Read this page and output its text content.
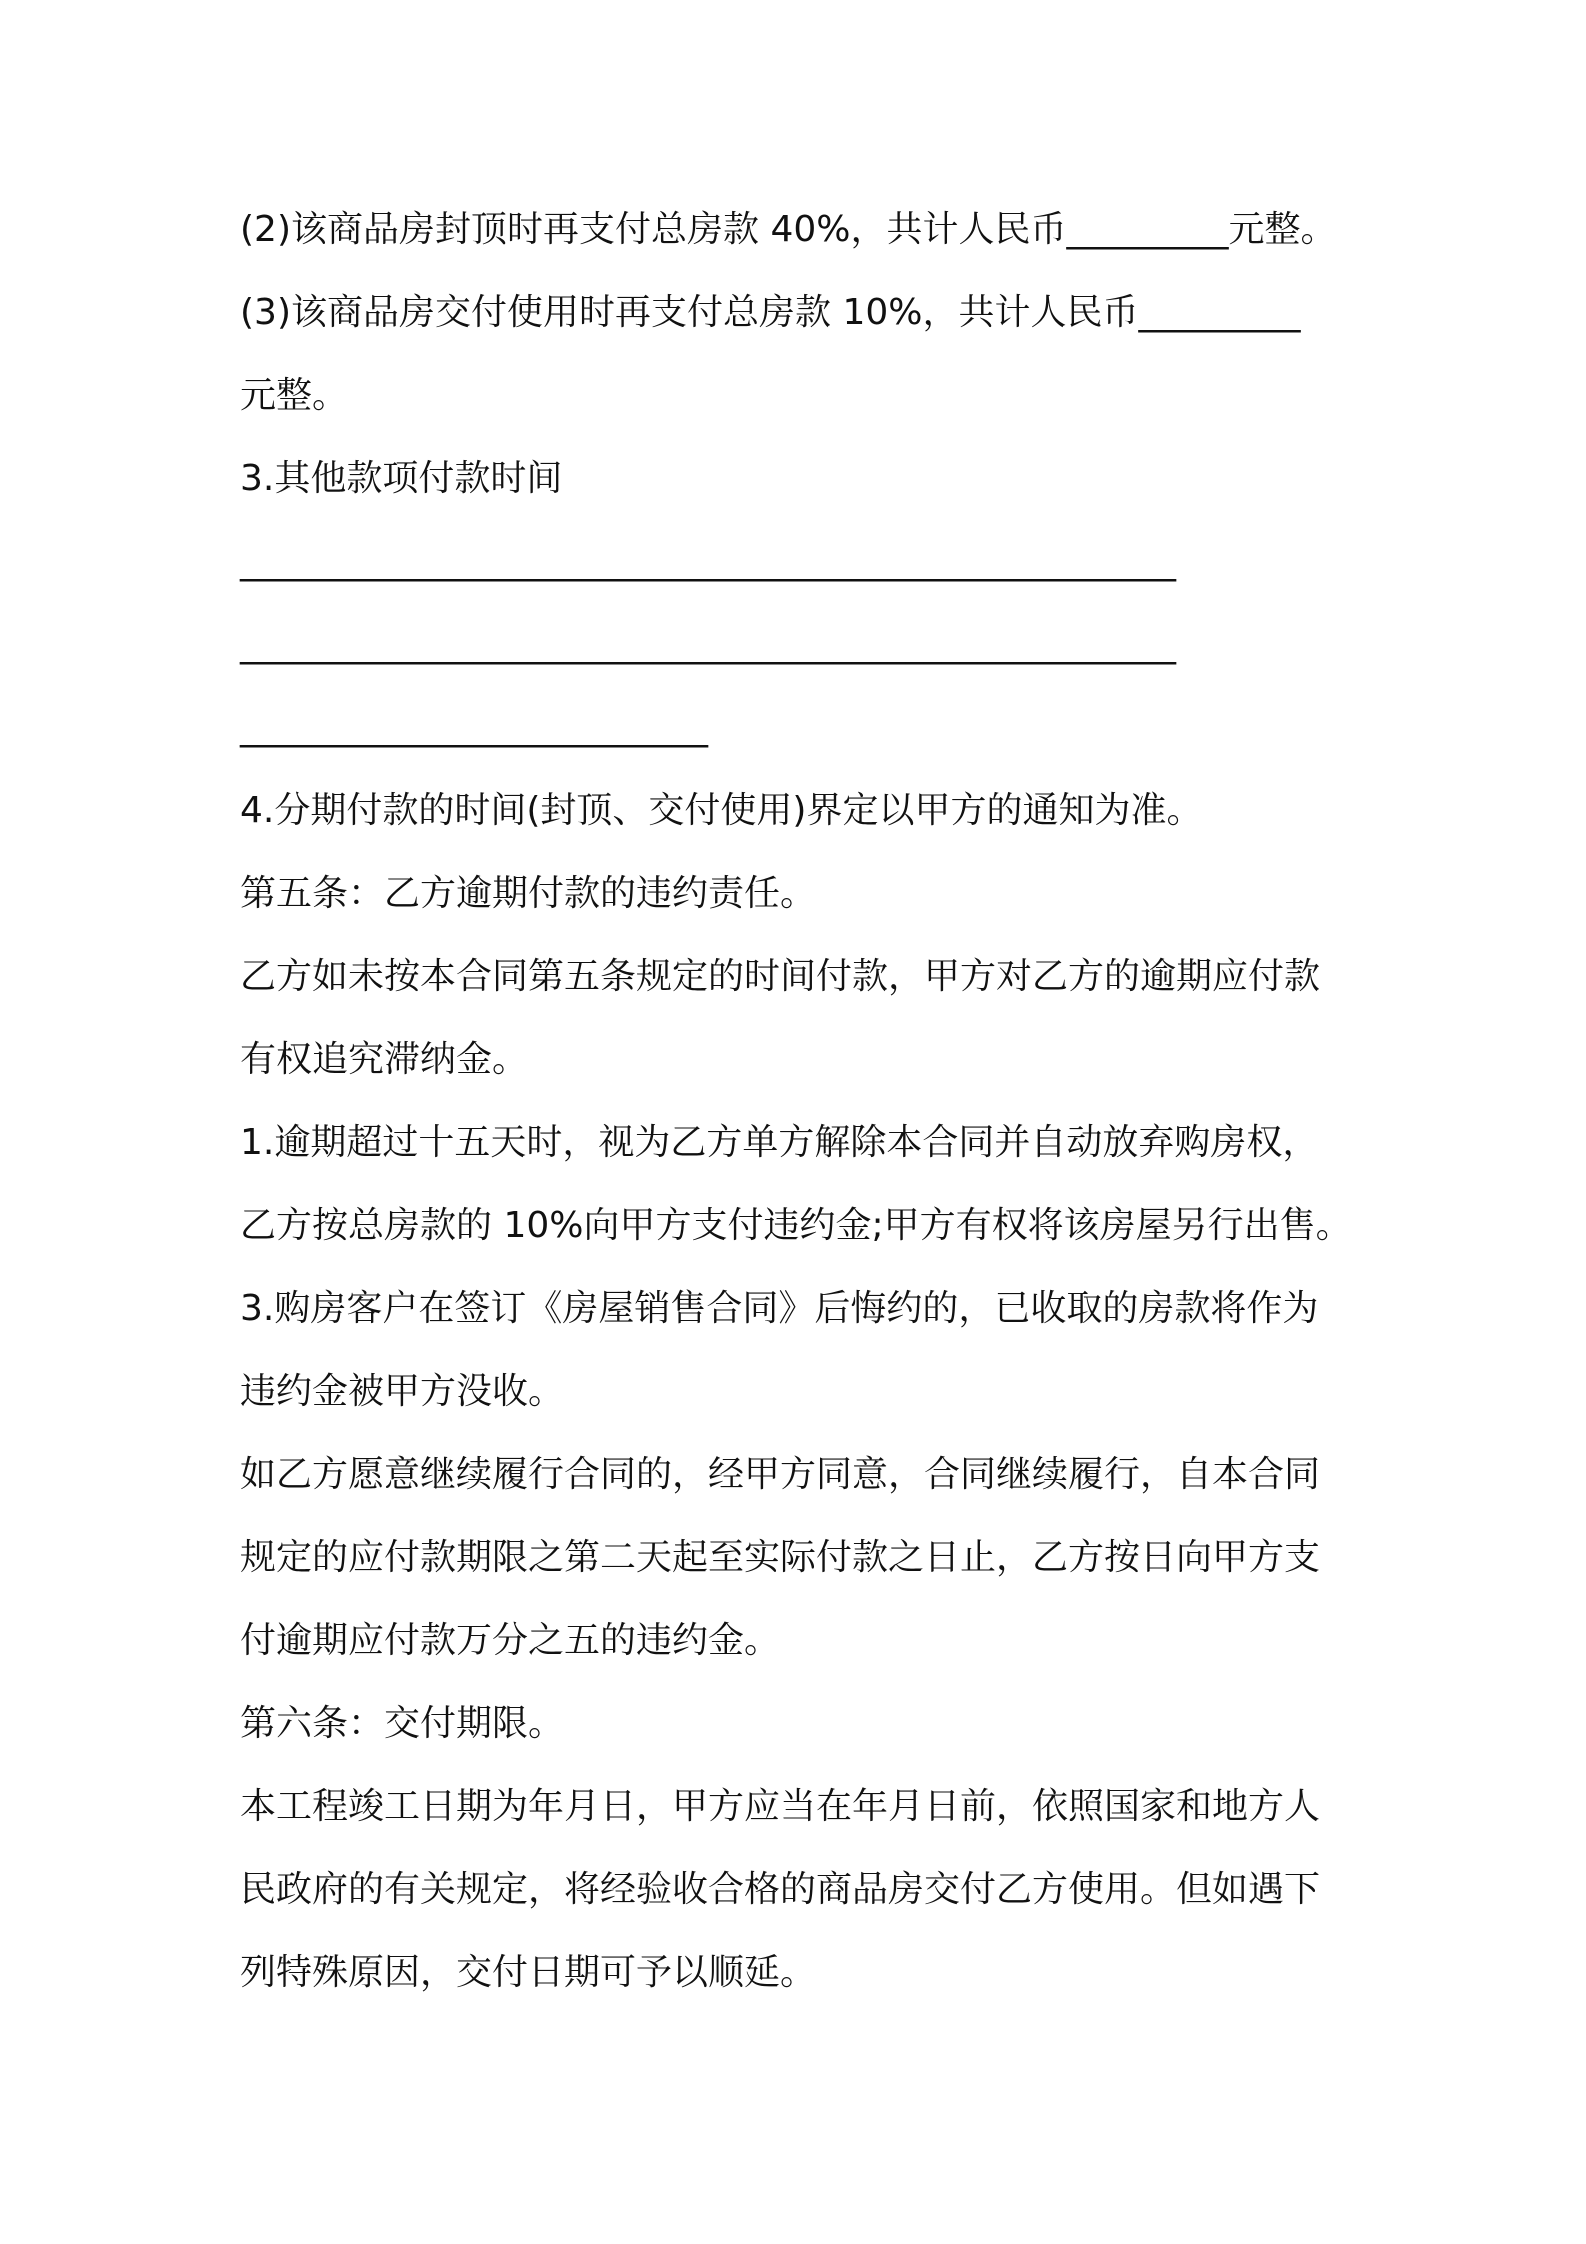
(2)该商品房封顶时再支付总房款 40%，共计人民币_________元整。
(3)该商品房交付使用时再支付总房款 10%，共计人民币_________
元整。
3.其他款项付款时间
____________________________________________________
____________________________________________________
__________________________
4.分期付款的时间(封顶、交付使用)界定以甲方的通知为准。
第五条：乙方逾期付款的违约责任。
乙方如未按本合同第五条规定的时间付款，甲方对乙方的逾期应付款
有权追究滞纳金。
1.逾期超过十五天时，视为乙方单方解除本合同并自动放弃购房权，
乙方按总房款的 10%向甲方支付违约金;甲方有权将该房屋另行出售。
3.购房客户在签订《房屋销售合同》后悔约的，已收取的房款将作为
违约金被甲方没收。
如乙方愿意继续履行合同的，经甲方同意，合同继续履行，自本合同
规定的应付款期限之第二天起至实际付款之日止，乙方按日向甲方支
付逾期应付款万分之五的违约金。
第六条：交付期限。
本工程竣工日期为年月日，甲方应当在年月日前，依照国家和地方人
民政府的有关规定，将经验收合格的商品房交付乙方使用。但如遇下
列特殊原因，交付日期可予以顺延。
